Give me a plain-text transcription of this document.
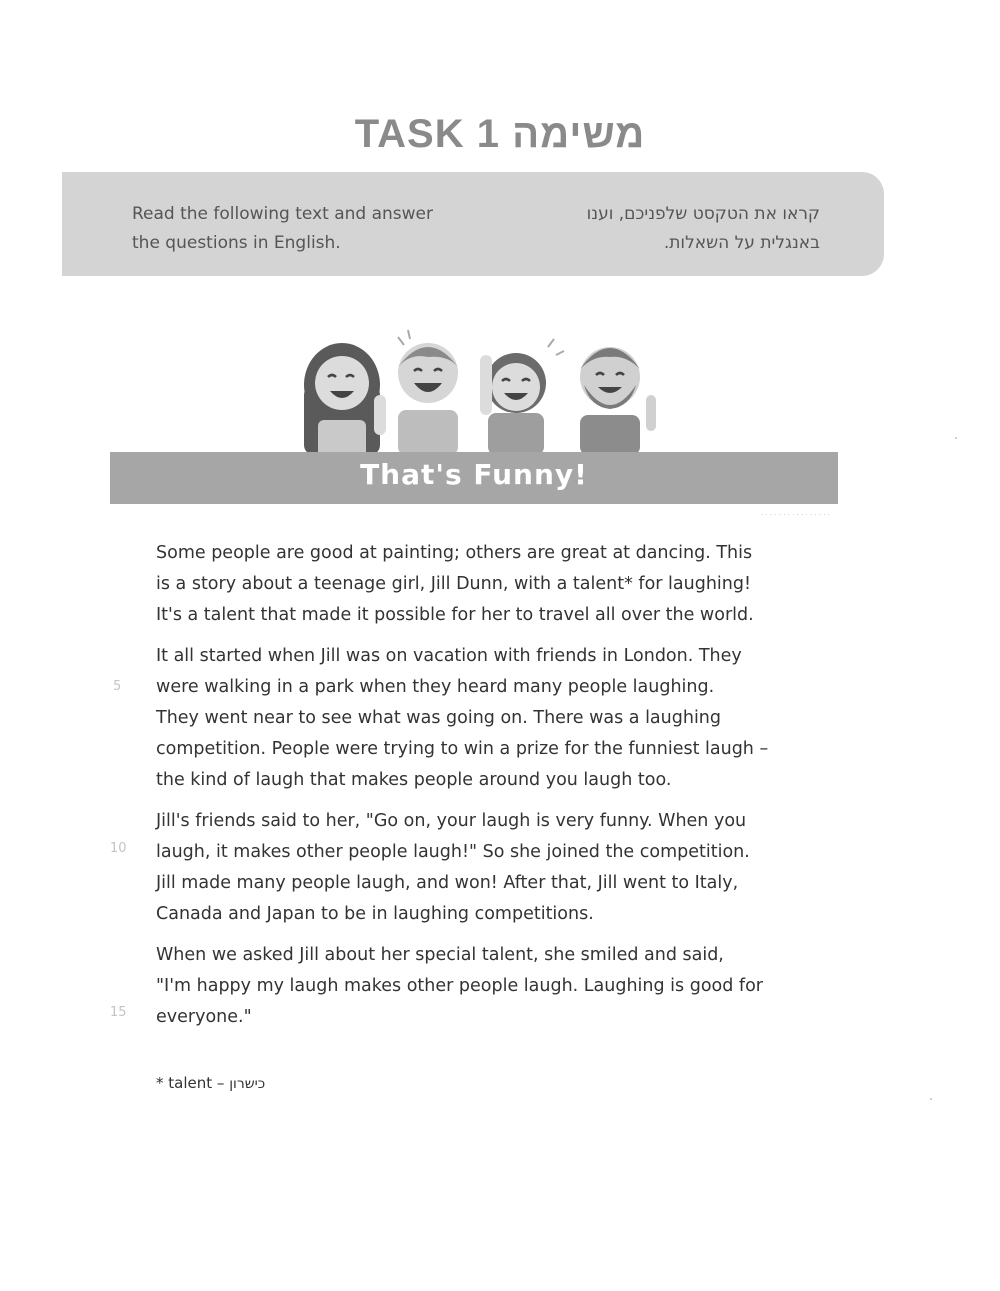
TASK 1 משימה
Read the following text and answer
the questions in English.
קראו את הטקסט שלפניכם, וענו
באנגלית על השאלות.
That's Funny!
· · · · · · · · · · · · · · · ·
5
10
15

Some people are good at painting; others are great at dancing. This
is a story about a teenage girl, Jill Dunn, with a talent* for laughing!
It's a talent that made it possible for her to travel all over the world.

It all started when Jill was on vacation with friends in London. They
were walking in a park when they heard many people laughing.
They went near to see what was going on. There was a laughing
competition. People were trying to win a prize for the funniest laugh –
the kind of laugh that makes people around you laugh too.

Jill's friends said to her, "Go on, your laugh is very funny. When you
laugh, it makes other people laugh!" So she joined the competition.
Jill made many people laugh, and won! After that, Jill went to Italy,
Canada and Japan to be in laughing competitions.

When we asked Jill about her special talent, she smiled and said,
"I'm happy my laugh makes other people laugh. Laughing is good for
everyone."

* talent – כישרון
